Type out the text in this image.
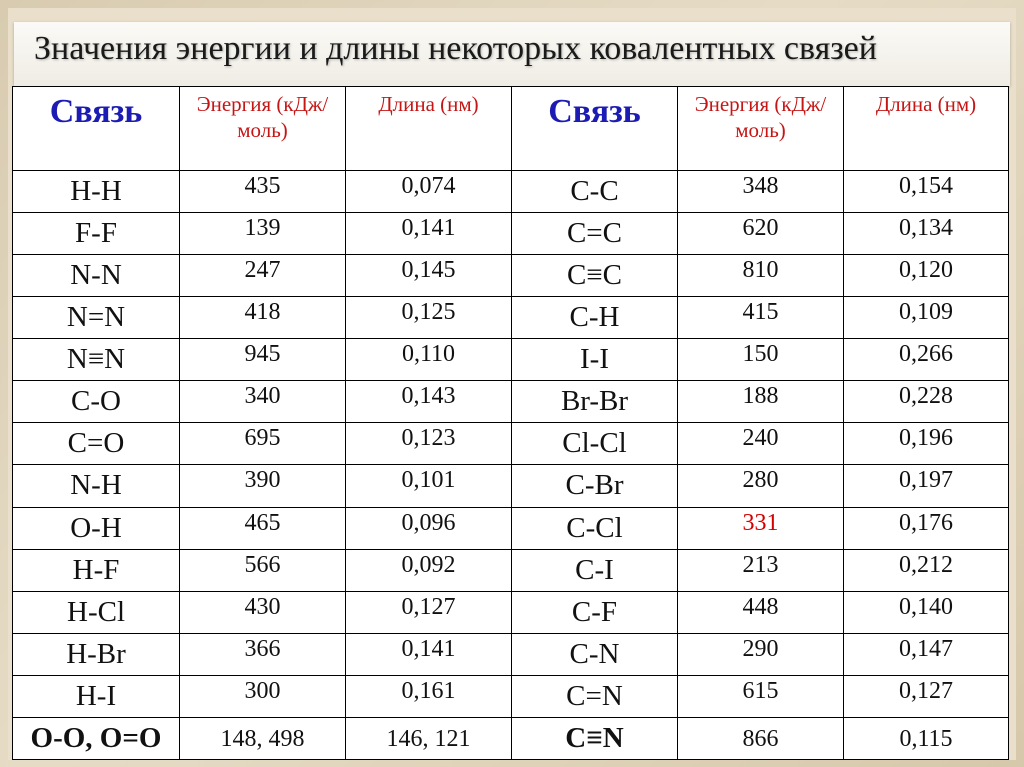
Значения энергии и длины некоторых ковалентных связей
Связь	Энергия (кДж/моль)	Длина (нм)	Связь	Энергия (кДж/моль)	Длина (нм)

H-H	435	0,074	C-C	348	0,154
F-F	139	0,141	C=C	620	0,134
N-N	247	0,145	C≡C	810	0,120
N=N	418	0,125	C-H	415	0,109
N≡N	945	0,110	I-I	150	0,266
C-O	340	0,143	Br-Br	188	0,228
C=O	695	0,123	Cl-Cl	240	0,196
N-H	390	0,101	C-Br	280	0,197
O-H	465	0,096	C-Cl	331	0,176
H-F	566	0,092	C-I	213	0,212
H-Cl	430	0,127	C-F	448	0,140
H-Br	366	0,141	C-N	290	0,147
H-I	300	0,161	C=N	615	0,127
O-O, O=O	148, 498	146, 121	C≡N	866	0,115
